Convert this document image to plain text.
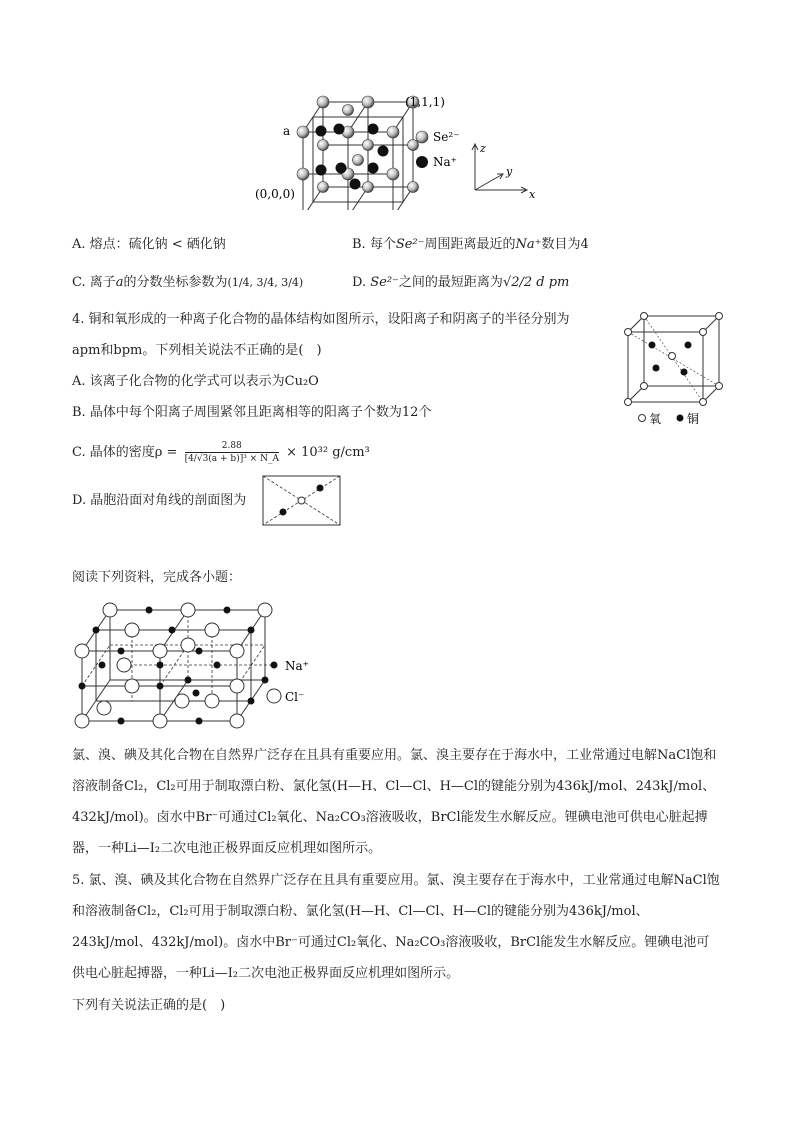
(1,1,1)
(0,0,0)
a	Se²⁻
Na⁺
z
y
x
A. 熔点：硫化钠 < 硒化钠	B. 每个Se²⁻周围距离最近的Na⁺数目为4
C. 离子a的分数坐标参数为(1/4, 3/4, 3/4)	D. Se²⁻之间的最短距离为√2/2 d pm
4. 铜和氧形成的一种离子化合物的晶体结构如图所示，设阳离子和阴离子的半径分别为
apm和bpm。下列相关说法不正确的是(　)
A. 该离子化合物的化学式可以表示为Cu₂O
B. 晶体中每个阳离子周围紧邻且距离相等的阳离子个数为12个
C. 晶体的密度$\rho = \frac{2.88}{\text{[4/√3(a + b)]³ × N\_A}} \times 10^{32}$ g/cm³
D. 晶胞沿面对角线的剖面图为
氧 铜
阅读下列资料，完成各小题：
Na⁺
Cl⁻
氯、溴、碘及其化合物在自然界广泛存在且具有重要应用。氯、溴主要存在于海水中，工业常通过电解NaCl饱和溶液制备Cl₂，Cl₂可用于制取漂白粉、氯化氢(H—H、Cl—Cl、H—Cl的键能分别为436kJ/mol、243kJ/mol、432kJ/mol)。卤水中Br⁻可通过Cl₂氧化、Na₂CO₃溶液吸收，BrCl能发生水解反应。锂碘电池可供电心脏起搏器，一种Li—I₂二次电池正极界面反应机理如图所示。
5. 氯、溴、碘及其化合物在自然界广泛存在且具有重要应用。氯、溴主要存在于海水中，工业常通过电解NaCl饱和溶液制备Cl₂，Cl₂可用于制取漂白粉、氯化氢(H—H、Cl—Cl、H—Cl的键能分别为436kJ/mol、243kJ/mol、432kJ/mol)。卤水中Br⁻可通过Cl₂氧化、Na₂CO₃溶液吸收，BrCl能发生水解反应。锂碘电池可供电心脏起搏器，一种Li—I₂二次电池正极界面反应机理如图所示。
下列有关说法正确的是(　)
